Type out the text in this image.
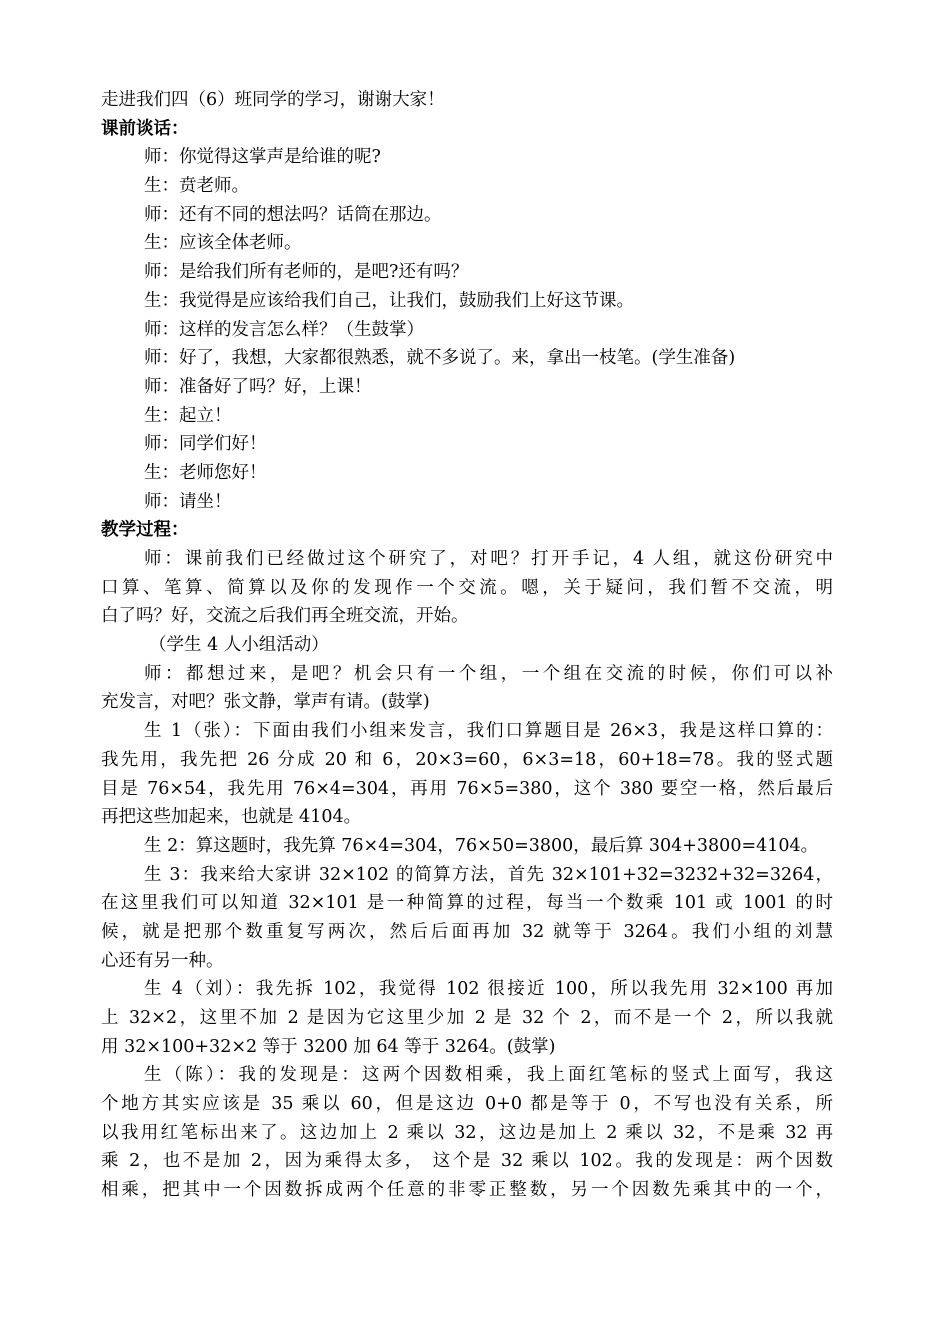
走进我们四（6）班同学的学习，谢谢大家！
课前谈话：
师：你觉得这掌声是给谁的呢?
生：贲老师。
师：还有不同的想法吗？话筒在那边。
生：应该全体老师。
师：是给我们所有老师的，是吧?还有吗？
生：我觉得是应该给我们自己，让我们，鼓励我们上好这节课。
师：这样的发言怎么样？（生鼓掌）
师：好了，我想，大家都很熟悉，就不多说了。来，拿出一枝笔。(学生准备)
师：准备好了吗？好，上课！
生：起立！
师：同学们好！
生：老师您好！
师：请坐！
教学过程：
师：课前我们已经做过这个研究了，对吧？打开手记，4 人组，就这份研究中
口算、笔算、简算以及你的发现作一个交流。嗯，关于疑问，我们暂不交流，明
白了吗？好，交流之后我们再全班交流，开始。
（学生 4 人小组活动）
师：都想过来，是吧？机会只有一个组，一个组在交流的时候，你们可以补
充发言，对吧？张文静，掌声有请。(鼓掌)
生 1（张）：下面由我们小组来发言，我们口算题目是 26×3，我是这样口算的：
我先用，我先把 26 分成 20 和 6，20×3=60，6×3=18，60+18=78。我的竖式题
目是 76×54，我先用 76×4=304，再用 76×5=380，这个 380 要空一格，然后最后
再把这些加起来，也就是 4104。
生 2：算这题时，我先算 76×4=304，76×50=3800，最后算 304+3800=4104。
生 3：我来给大家讲 32×102 的简算方法，首先 32×101+32=3232+32=3264，
在这里我们可以知道 32×101 是一种简算的过程，每当一个数乘 101 或 1001 的时
候，就是把那个数重复写两次，然后后面再加 32 就等于 3264。我们小组的刘慧
心还有另一种。
生 4（刘）：我先拆 102，我觉得 102 很接近 100，所以我先用 32×100 再加
上 32×2，这里不加 2 是因为它这里少加 2 是 32 个 2，而不是一个 2，所以我就
用 32×100+32×2 等于 3200 加 64 等于 3264。(鼓掌)
生（陈）：我的发现是：这两个因数相乘，我上面红笔标的竖式上面写，我这
个地方其实应该是 35 乘以 60，但是这边 0+0 都是等于 0，不写也没有关系，所
以我用红笔标出来了。这边加上 2 乘以 32，这边是加上 2 乘以 32，不是乘 32 再
乘 2，也不是加 2，因为乘得太多， 这个是 32 乘以 102。我的发现是：两个因数
相乘，把其中一个因数拆成两个任意的非零正整数，另一个因数先乘其中的一个，
